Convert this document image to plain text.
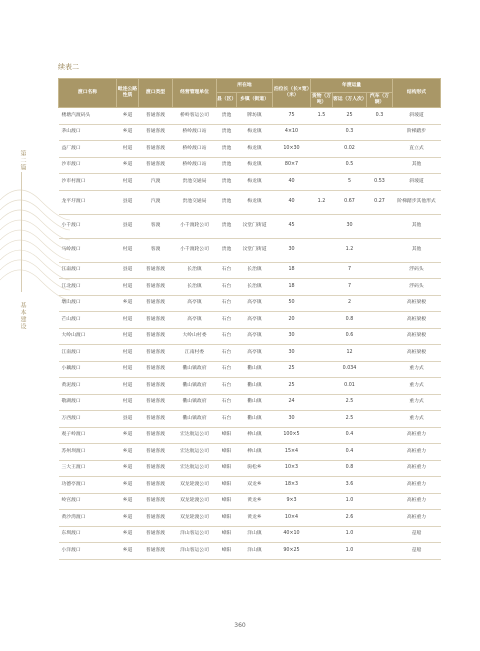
第二篇
基本建设
续表二
渡口名称	毗连公路性质	渡口类型	经营管理单位	所在地		泊位长（长×宽）（米）	年渡运量			结构形式
				县（区）	乡镇（街道）		货物（万吨）	客运（万人次）	汽车（万辆）	
楼塘汽渡码头	乡道	普通客渡	桥岭客运公司	贵池	牌坊镇	75	1.5	25	0.3	斜坡道
茅山渡口	乡道	普通客渡	桥岭渡口站	贵池	梅龙镇	4×10		0.3		阶梯踏步
益厂渡口	村道	普通客渡	桥岭渡口站	贵池	梅龙镇	10×30		0.02		直立式
沙市渡口	乡道	普通客渡	桥岭渡口站	贵池	梅龙镇	80×7		0.5		其他
沙市村渡口	村道	汽渡	贵池交通局	贵池	梅龙镇	40		5	0.53	斜坡道
龙平圩渡口	县道	汽渡	贵池交通局	贵池	梅龙镇	40	1.2	0.67	0.27	阶梯踏步其他形式
小千渡口	县道	客渡	小千渡轮公司	贵池	汶堂门街道	45		30		其他
马岭渡口	村道	客渡	小千渡轮公司	贵池	汶堂门街道	30		1.2		其他
江南渡口	县道	普通客渡	长治镇	石台	长治镇	18		7		浮码头
江北渡口	村道	普通客渡	长治镇	石台	长治镇	18		7		浮码头
墩山渡口	乡道	普通客渡	高亭镇	石台	高亭镇	50		2		高桩梁板
芒山渡口	村道	普通客渡	高亭镇	石台	高亭镇	20		0.8		高桩梁板
大岭山渡口	村道	普通客渡	大岭山村委	石台	高亭镇	30		0.6		高桩梁板
江南渡口	村道	普通客渡	江南村委	石台	高亭镇	30		12		高桩梁板
小藕渡口	村道	普通客渡	衢山镇政府	石台	衢山镇	25		0.034		重力式
黄泥渡口	村道	普通客渡	衢山镇政府	石台	衢山镇	25		0.01		重力式
敬湖渡口	村道	普通客渡	衢山镇政府	石台	衢山镇	24		2.5		重力式
万西渡口	县道	普通客渡	衢山镇政府	石台	衢山镇	30		2.5		重力式
观子岭渡口	乡道	普通客渡	宏达航运公司	峰阳	棒山镇	100×5		0.4		高桩重力
苏州坝渡口	乡道	普通客渡	宏达航运公司	峰阳	棒山镇	15×4		0.4		高桩重力
三大王渡口	乡道	普通客渡	宏达航运公司	峰阳	驹松乡	10×3		0.8		高桩重力
功德亭渡口	乡道	普通客渡	双龙轮渡公司	峰阳	双龙乡	18×3		3.6		高桩重力
岭宫渡口	乡道	普通客渡	双龙轮渡公司	峰阳	黄龙乡	9×3		1.0		高桩重力
黄沙湾渡口	乡道	普通客渡	双龙轮渡公司	峰阳	黄龙乡	10×4		2.6		高桩重力
东圳渡口	乡道	普通客渡	洋山客运公司	峰阳	洋山镇	40×10		1.0		趸船
小洋渡口	乡道	普通客渡	洋山客运公司	峰阳	洋山镇	90×25		1.0		趸船
360
